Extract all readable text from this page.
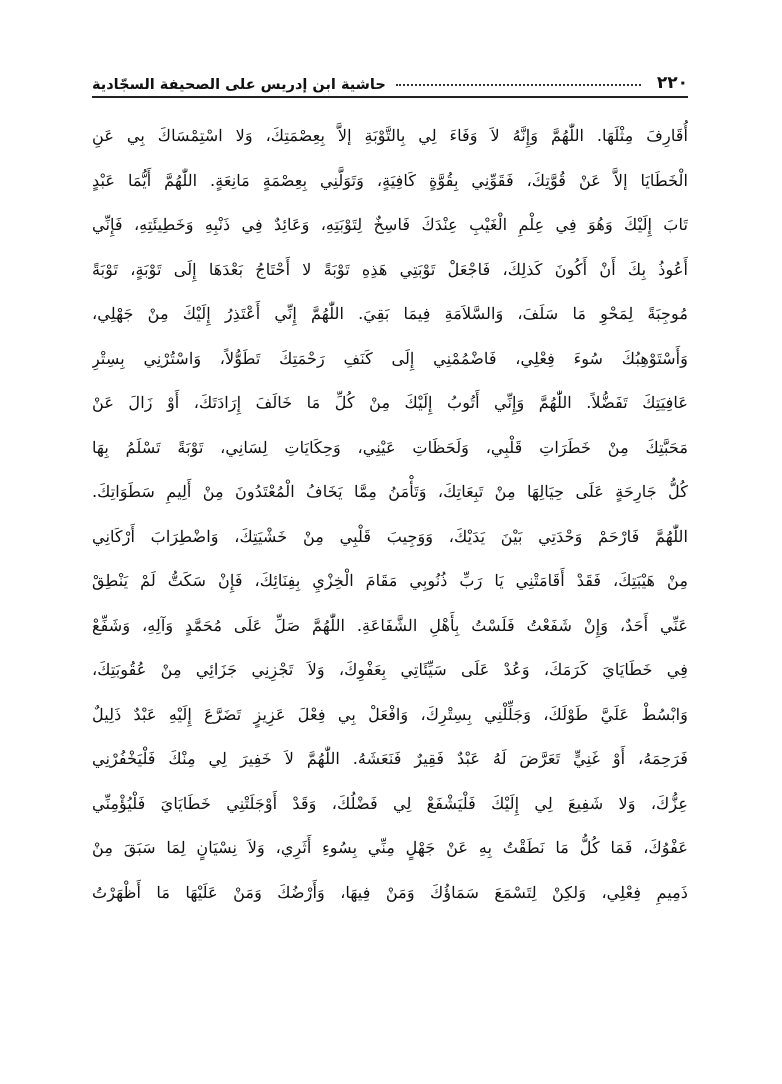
٢٢٠
حاشية ابن إدريس على الصحيفة السجّادية
أُقَارِفَ مِثْلَهَا. اللّٰهُمَّ وَإِنَّهُ لاَ وَفَاءَ لِي بِالتَّوْبَةِ إلاَّ بِعِصْمَتِكَ، وَلا اسْتِمْسَاكَ بِي عَنِ
الْخَطَايَا إلاَّ عَنْ قُوَّتِكَ، فَقَوِّنِي بِقُوَّةٍ كَافِيَةٍ، وَتَوَلَّنِي بِعِصْمَةٍ مَانِعَةٍ. اللّٰهُمَّ أَيُّمَا عَبْدٍ
تَابَ إِلَيْكَ وَهُوَ فِي عِلْمِ الْغَيْبِ عِنْدَكَ فَاسِخٌ لِتَوْبَتِهِ، وَعَائِدٌ فِي ذَنْبِهِ وَخَطِيئَتِهِ، فَإِنِّي
أَعُوذُ بِكَ أَنْ أَكُونَ كَذلِكَ، فَاجْعَلْ تَوْبَتِي هَذِهِ تَوْبَةً لا أَحْتَاجُ بَعْدَهَا إِلَى تَوْبَةٍ، تَوْبَةً
مُوجِبَةً لِمَحْوِ مَا سَلَفَ، وَالسَّلاَمَةِ فِيمَا بَقِيَ. اللّٰهُمَّ إِنِّي أَعْتَذِرُ إِلَيْكَ مِنْ جَهْلِي،
وَأَسْتَوْهِبُكَ سُوءَ فِعْلِي، فَاضْمُمْنِي إِلَى كَنَفِ رَحْمَتِكَ تَطَوُّلاً، وَاسْتُرْنِي بِسِتْرِ
عَافِيَتِكَ تَفَضُّلاً. اللّٰهُمَّ وَإِنِّي أَتُوبُ إِلَيْكَ مِنْ كُلِّ مَا خَالَفَ إِرَادَتَكَ، أَوْ زَالَ عَنْ
مَحَبَّتِكَ مِنْ خَطَرَاتِ قَلْبِي، وَلَحَظَاتِ عَيْنِي، وَحِكَايَاتِ لِسَانِي، تَوْبَةً تَسْلَمُ بِهَا
كُلُّ جَارِحَةٍ عَلَى حِيَالِهَا مِنْ تَبِعَاتِكَ، وَتَأْمَنُ مِمَّا يَخَافُ الْمُعْتَدُونَ مِنْ أَلِيمِ سَطَوَاتِكَ.
اللّٰهُمَّ فَارْحَمْ وَحْدَتِي بَيْنَ يَدَيْكَ، وَوَجِيبَ قَلْبِي مِنْ خَشْيَتِكَ، وَاضْطِرَابَ أَرْكَانِي
مِنْ هَيْبَتِكَ، فَقَدْ أَقَامَتْنِي يَا رَبِّ ذُنُوبِي مَقَامَ الْخِزْيِ بِفِنَائِكَ، فَإِنْ سَكَتُّ لَمْ يَنْطِقْ
عَنِّي أَحَدٌ، وَإِنْ شَفَعْتُ فَلَسْتُ بِأَهْلِ الشَّفَاعَةِ. اللّٰهُمَّ صَلِّ عَلَى مُحَمَّدٍ وَآلِهِ، وَشَفِّعْ
فِي خَطَايَايَ كَرَمَكَ، وَعُدْ عَلَى سَيِّئَاتِي بِعَفْوِكَ، وَلاَ تَجْزِنِي جَزَائِي مِنْ عُقُوبَتِكَ،
وَابْسُطْ عَلَيَّ طَوْلَكَ، وَجَلِّلْنِي بِسِتْرِكَ، وَافْعَلْ بِي فِعْلَ عَزِيزٍ تَضَرَّعَ إِلَيْهِ عَبْدٌ ذَلِيلٌ
فَرَحِمَهُ، أَوْ غَنِيٍّ تَعَرَّضَ لَهُ عَبْدٌ فَقِيرٌ فَنَعَشَهُ. اللّٰهُمَّ لاَ خَفِيرَ لِي مِنْكَ فَلْيَخْفُرْنِي
عِزُّكَ، وَلا شَفِيعَ لِي إِلَيْكَ فَلْيَشْفَعْ لِي فَضْلُكَ، وَقَدْ أَوْجَلَتْنِي خَطَايَايَ فَلْيُؤْمِنِّي
عَفْوُكَ، فَمَا كُلُّ مَا نَطَقْتُ بِهِ عَنْ جَهْلٍ مِنِّي بِسُوءِ أَثَرِي، وَلاَ نِسْيَانٍ لِمَا سَبَقَ مِنْ
ذَمِيمِ فِعْلِي، وَلكِنْ لِتَسْمَعَ سَمَاؤُكَ وَمَنْ فِيهَا، وَأَرْضُكَ وَمَنْ عَلَيْهَا مَا أَظْهَرْتُ
